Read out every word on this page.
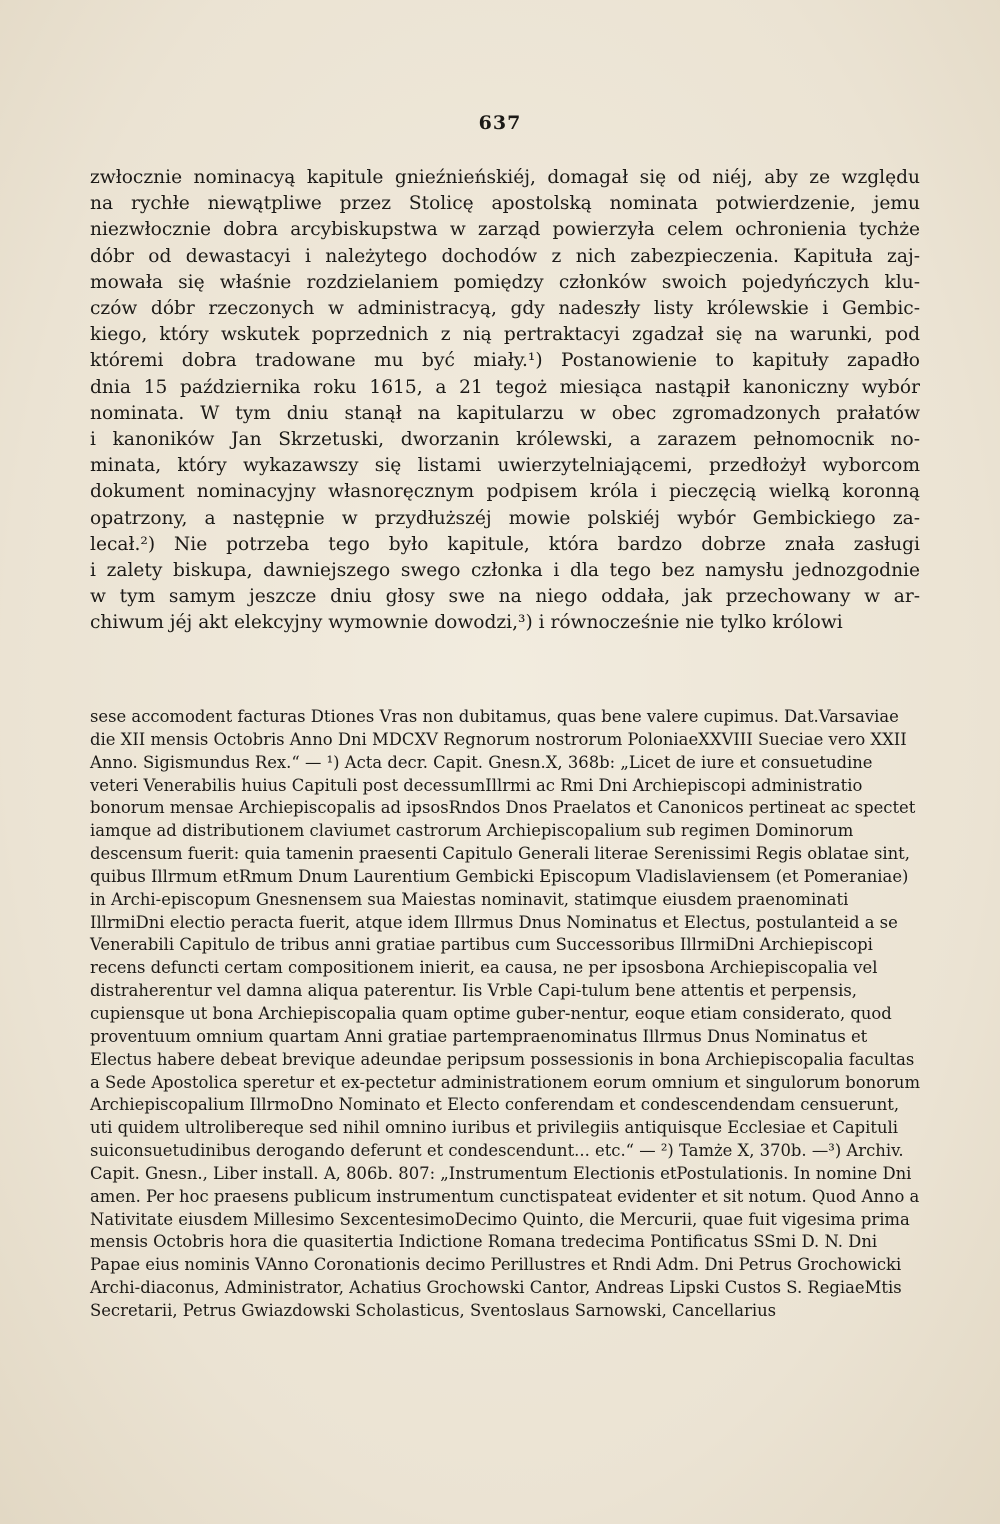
637
zwłocznie nominacyą kapitule gnieźnieńskiéj, domagał się od niéj, aby ze względu
na rychłe niewątpliwe przez Stolicę apostolską nominata potwierdzenie, jemu
niezwłocznie dobra arcybiskupstwa w zarząd powierzyła celem ochronienia tychże
dóbr od dewastacyi i należytego dochodów z nich zabezpieczenia. Kapituła zaj-
mowała się właśnie rozdzielaniem pomiędzy członków swoich pojedyńczych klu-
czów dóbr rzeczonych w administracyą, gdy nadeszły listy królewskie i Gembic-
kiego, który wskutek poprzednich z nią pertraktacyi zgadzał się na warunki, pod
któremi dobra tradowane mu być miały.¹) Postanowienie to kapituły zapadło
dnia 15 października roku 1615, a 21 tegoż miesiąca nastąpił kanoniczny wybór
nominata. W tym dniu stanął na kapitularzu w obec zgromadzonych prałatów
i kanoników Jan Skrzetuski, dworzanin królewski, a zarazem pełnomocnik no-
minata, który wykazawszy się listami uwierzytelniającemi, przedłożył wyborcom
dokument nominacyjny własnoręcznym podpisem króla i pieczęcią wielką koronną
opatrzony, a następnie w przydłuższéj mowie polskiéj wybór Gembickiego za-
lecał.²) Nie potrzeba tego było kapitule, która bardzo dobrze znała zasługi
i zalety biskupa, dawniejszego swego członka i dla tego bez namysłu jednozgodnie
w tym samym jeszcze dniu głosy swe na niego oddała, jak przechowany w ar-
chiwum jéj akt elekcyjny wymownie dowodzi,³) i równocześnie nie tylko królowi
sese accomodent facturas Dtiones Vras non dubitamus, quas bene valere cupimus. Dat.Varsaviae die XII mensis Octobris Anno Dni MDCXV Regnorum nostrorum PoloniaeXXVIII Sueciae vero XXII Anno. Sigismundus Rex.“ — ¹) Acta decr. Capit. Gnesn.X, 368b: „Licet de iure et consuetudine veteri Venerabilis huius Capituli post decessumIllrmi ac Rmi Dni Archiepiscopi administratio bonorum mensae Archiepiscopalis ad ipsosRndos Dnos Praelatos et Canonicos pertineat ac spectet iamque ad distributionem claviumet castrorum Archiepiscopalium sub regimen Dominorum descensum fuerit: quia tamenin praesenti Capitulo Generali literae Serenissimi Regis oblatae sint, quibus Illrmum etRmum Dnum Laurentium Gembicki Episcopum Vladislaviensem (et Pomeraniae) in Archi-episcopum Gnesnensem sua Maiestas nominavit, statimque eiusdem praenominati IllrmiDni electio peracta fuerit, atque idem Illrmus Dnus Nominatus et Electus, postulanteid a se Venerabili Capitulo de tribus anni gratiae partibus cum Successoribus IllrmiDni Archiepiscopi recens defuncti certam compositionem inierit, ea causa, ne per ipsosbona Archiepiscopalia vel distraherentur vel damna aliqua paterentur. Iis Vrble Capi-tulum bene attentis et perpensis, cupiensque ut bona Archiepiscopalia quam optime guber-nentur, eoque etiam considerato, quod proventuum omnium quartam Anni gratiae partempraenominatus Illrmus Dnus Nominatus et Electus habere debeat brevique adeundae peripsum possessionis in bona Archiepiscopalia facultas a Sede Apostolica speretur et ex-pectetur administrationem eorum omnium et singulorum bonorum Archiepiscopalium IllrmoDno Nominato et Electo conferendam et condescendendam censuerunt, uti quidem ultrolibereque sed nihil omnino iuribus et privilegiis antiquisque Ecclesiae et Capituli suiconsuetudinibus derogando deferunt et condescendunt... etc.“ — ²) Tamże X, 370b. —³) Archiv. Capit. Gnesn., Liber install. A, 806b. 807: „Instrumentum Electionis etPostulationis. In nomine Dni amen. Per hoc praesens publicum instrumentum cunctispateat evidenter et sit notum. Quod Anno a Nativitate eiusdem Millesimo SexcentesimoDecimo Quinto, die Mercurii, quae fuit vigesima prima mensis Octobris hora die quasitertia Indictione Romana tredecima Pontificatus SSmi D. N. Dni Papae eius nominis VAnno Coronationis decimo Perillustres et Rndi Adm. Dni Petrus Grochowicki Archi-diaconus, Administrator, Achatius Grochowski Cantor, Andreas Lipski Custos S. RegiaeMtis Secretarii, Petrus Gwiazdowski Scholasticus, Sventoslaus Sarnowski, Cancellarius
